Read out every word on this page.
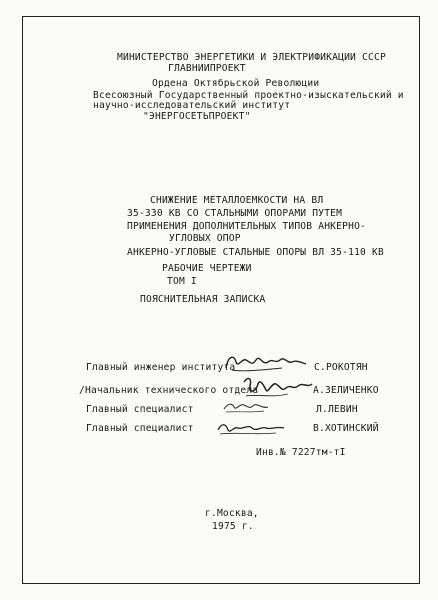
МИНИСТЕРСТВО ЭНЕРГЕТИКИ И ЭЛЕКТРИФИКАЦИИ СССР
ГЛАВНИИПРОЕКТ
Ордена Октябрьской Революции
Всесоюзный Государственный проектно-изыскательский и
научно-исследовательский институт
"ЭНЕРГОСЕТЬПРОЕКТ"
СНИЖЕНИЕ МЕТАЛЛОЕМКОСТИ НА ВЛ
35-330 КВ СО СТАЛЬНЫМИ ОПОРАМИ ПУТЕМ
ПРИМЕНЕНИЯ ДОПОЛНИТЕЛЬНЫХ ТИПОВ АНКЕРНО-
УГЛОВЫХ ОПОР
АНКЕРНО-УГЛОВЫЕ СТАЛЬНЫЕ ОПОРЫ ВЛ 35-110 КВ
РАБОЧИЕ ЧЕРТЕЖИ
ТОМ I
ПОЯСНИТЕЛЬНАЯ ЗАПИСКА
Главный инженер института	С.РОКОТЯН
/Начальник технического отдела	А.ЗЕЛИЧЕНКО
Главный специалист	Л.ЛЕВИН
Главный специалист	В.ХОТИНСКИЙ
Инв.№ 7227тм-тI
г.Москва,
1975 г.
